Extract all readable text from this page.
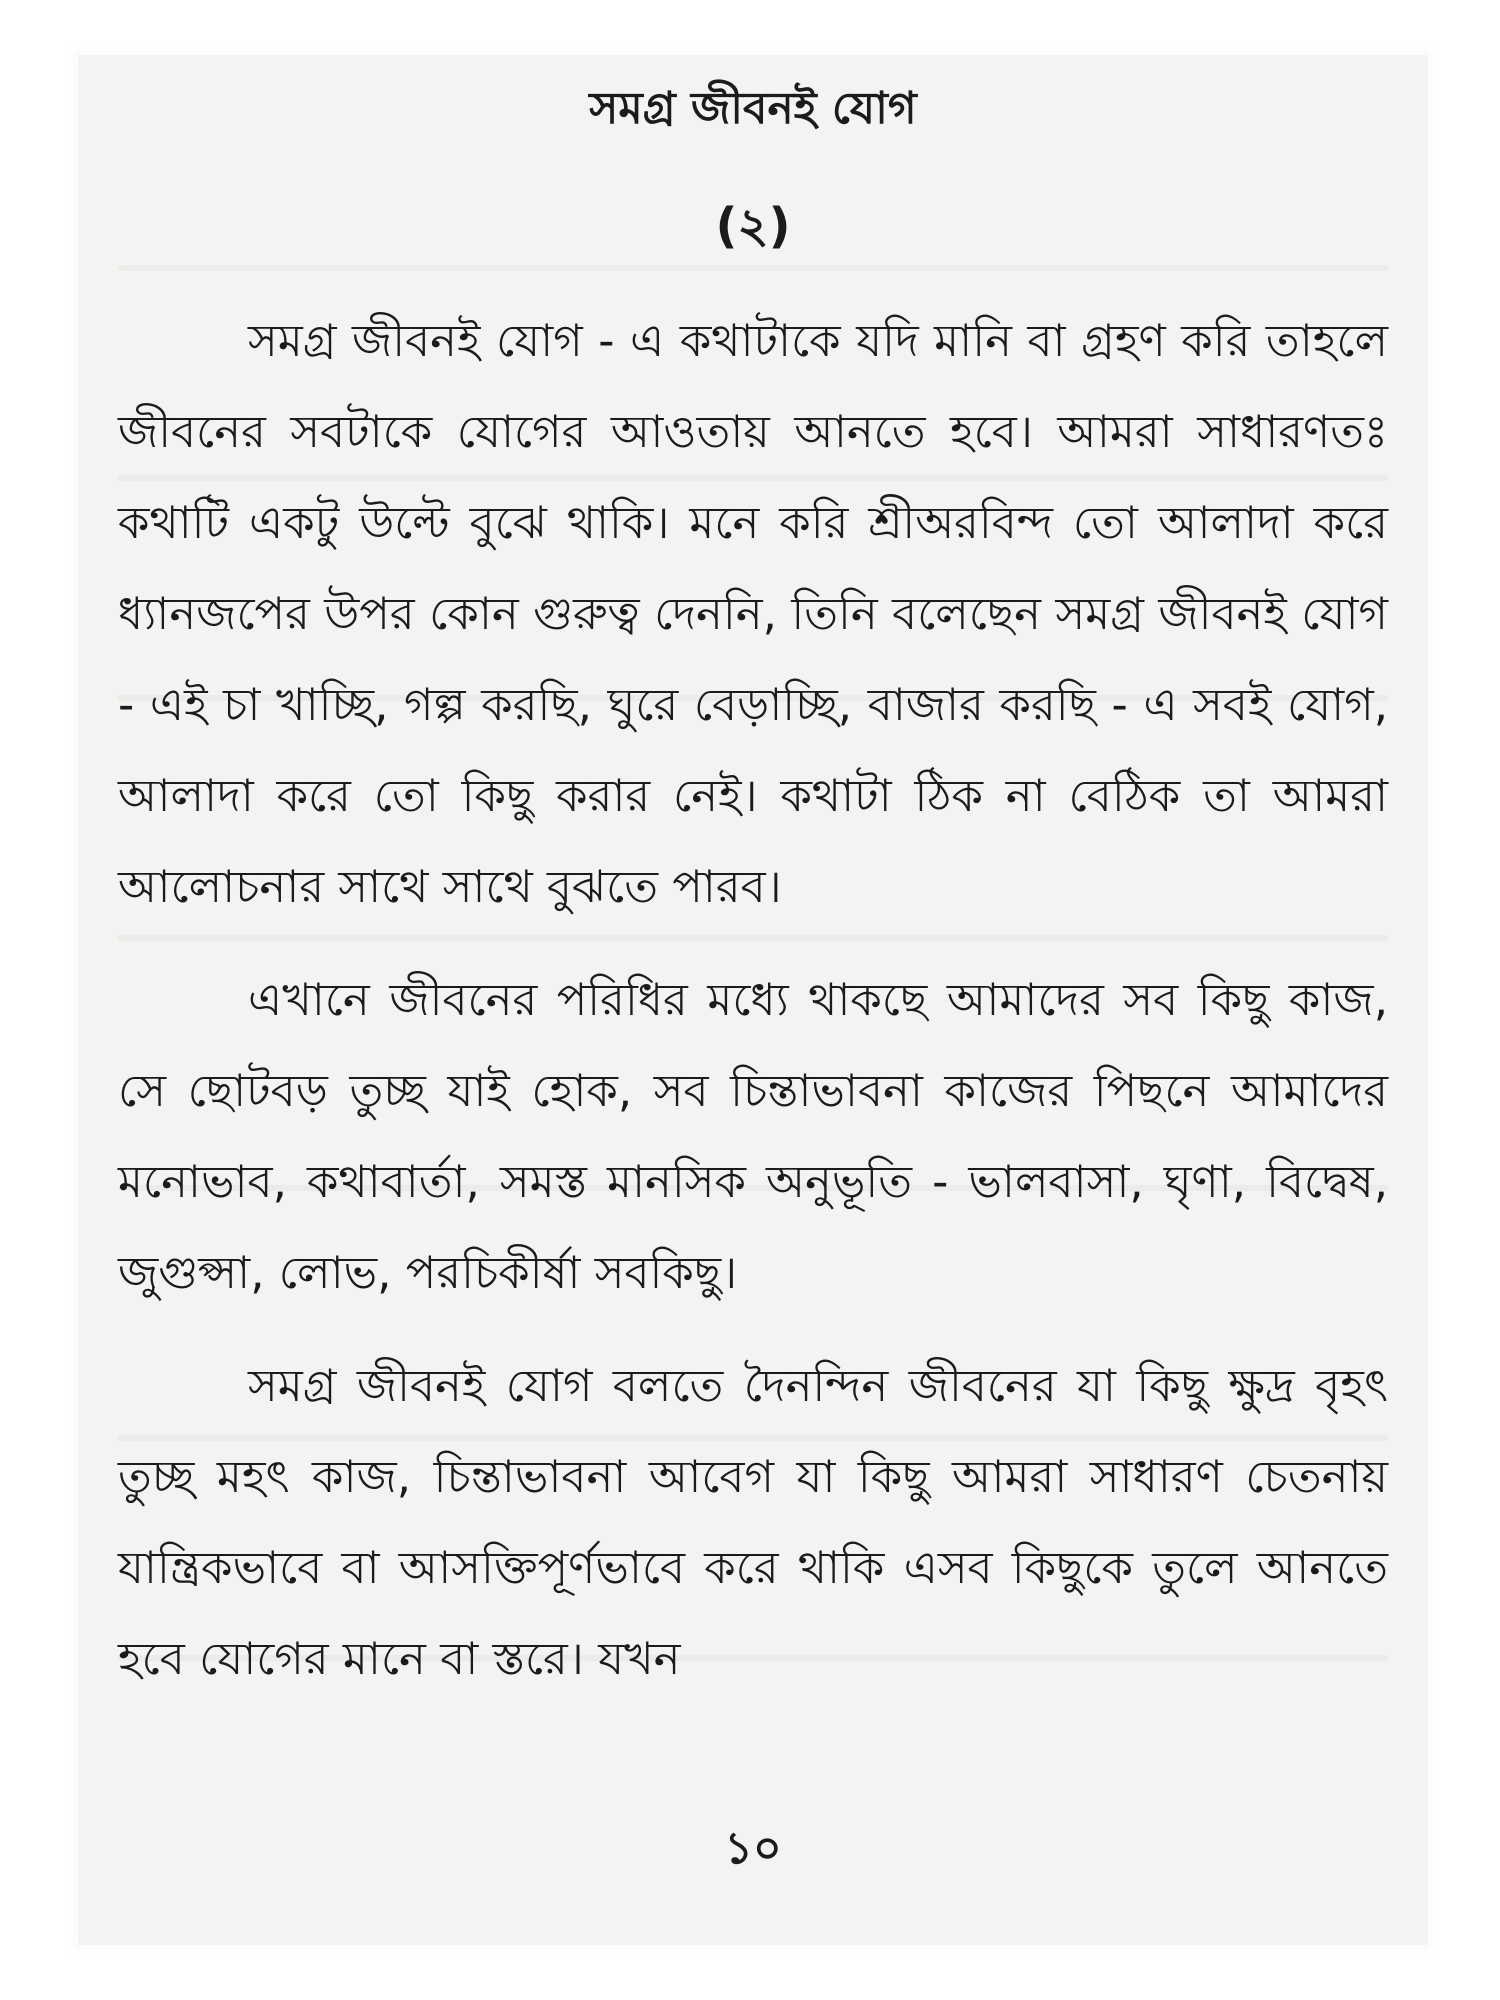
সমগ্র জীবনই যোগ
(২)

সমগ্র জীবনই যোগ - এ কথাটাকে যদি মানি বা গ্রহণ করি তাহলে জীবনের সবটাকে যোগের আওতায় আনতে হবে। আমরা সাধারণতঃ কথাটি একটু উল্টে বুঝে থাকি। মনে করি শ্রীঅরবিন্দ তো আলাদা করে ধ্যানজপের উপর কোন গুরুত্ব দেননি, তিনি বলেছেন সমগ্র জীবনই যোগ - এই চা খাচ্ছি, গল্প করছি, ঘুরে বেড়াচ্ছি, বাজার করছি - এ সবই যোগ, আলাদা করে তো কিছু করার নেই। কথাটা ঠিক না বেঠিক তা আমরা আলোচনার সাথে সাথে বুঝতে পারব।

এখানে জীবনের পরিধির মধ্যে থাকছে আমাদের সব কিছু কাজ, সে ছোটবড় তুচ্ছ যাই হোক, সব চিন্তাভাবনা কাজের পিছনে আমাদের মনোভাব, কথাবার্তা, সমস্ত মানসিক অনুভূতি - ভালবাসা, ঘৃণা, বিদ্বেষ, জুগুপ্সা, লোভ, পরচিকীর্ষা সবকিছু।

সমগ্র জীবনই যোগ বলতে দৈনন্দিন জীবনের যা কিছু ক্ষুদ্র বৃহৎ তুচ্ছ মহৎ কাজ, চিন্তাভাবনা আবেগ যা কিছু আমরা সাধারণ চেতনায় যান্ত্রিকভাবে বা আসক্তিপূর্ণভাবে করে থাকি এসব কিছুকে তুলে আনতে হবে যোগের মানে বা স্তরে। যখন

১০
